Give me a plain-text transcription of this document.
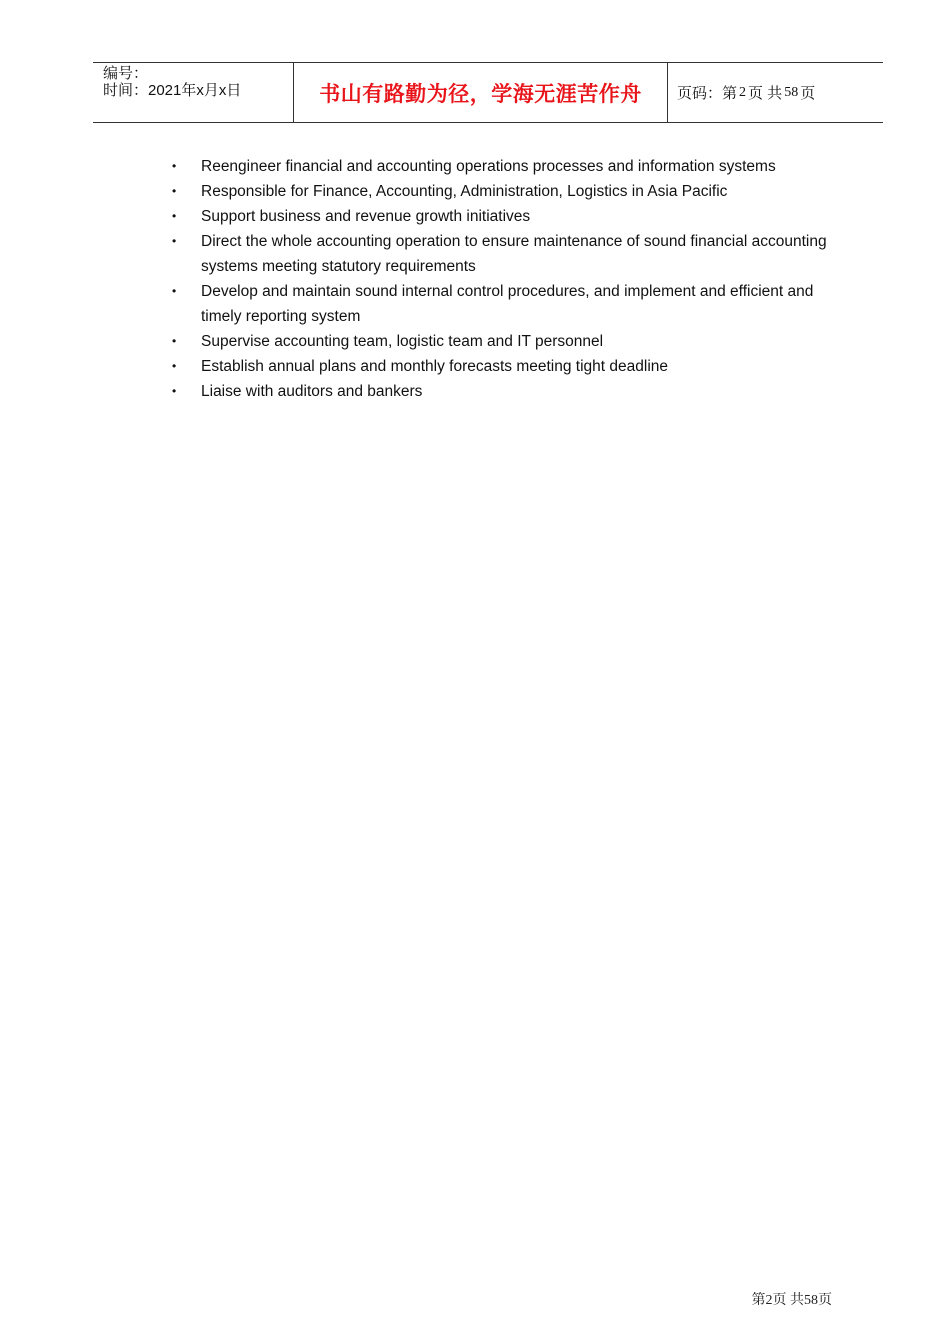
编号：
时间：2021年x月x日	书山有路勤为径，学海无涯苦作舟 页码：第 2 页 共 58 页
• Reengineer financial and accounting operations processes and information systems
• Responsible for Finance, Accounting, Administration, Logistics in Asia Pacific
• Support business and revenue growth initiatives
• Direct the whole accounting operation to ensure maintenance of sound financial accounting systems meeting statutory requirements
• Develop and maintain sound internal control procedures, and implement and efficient and timely reporting system
• Supervise accounting team, logistic team and IT personnel
• Establish annual plans and monthly forecasts meeting tight deadline
• Liaise with auditors and bankers
第2页 共58页
